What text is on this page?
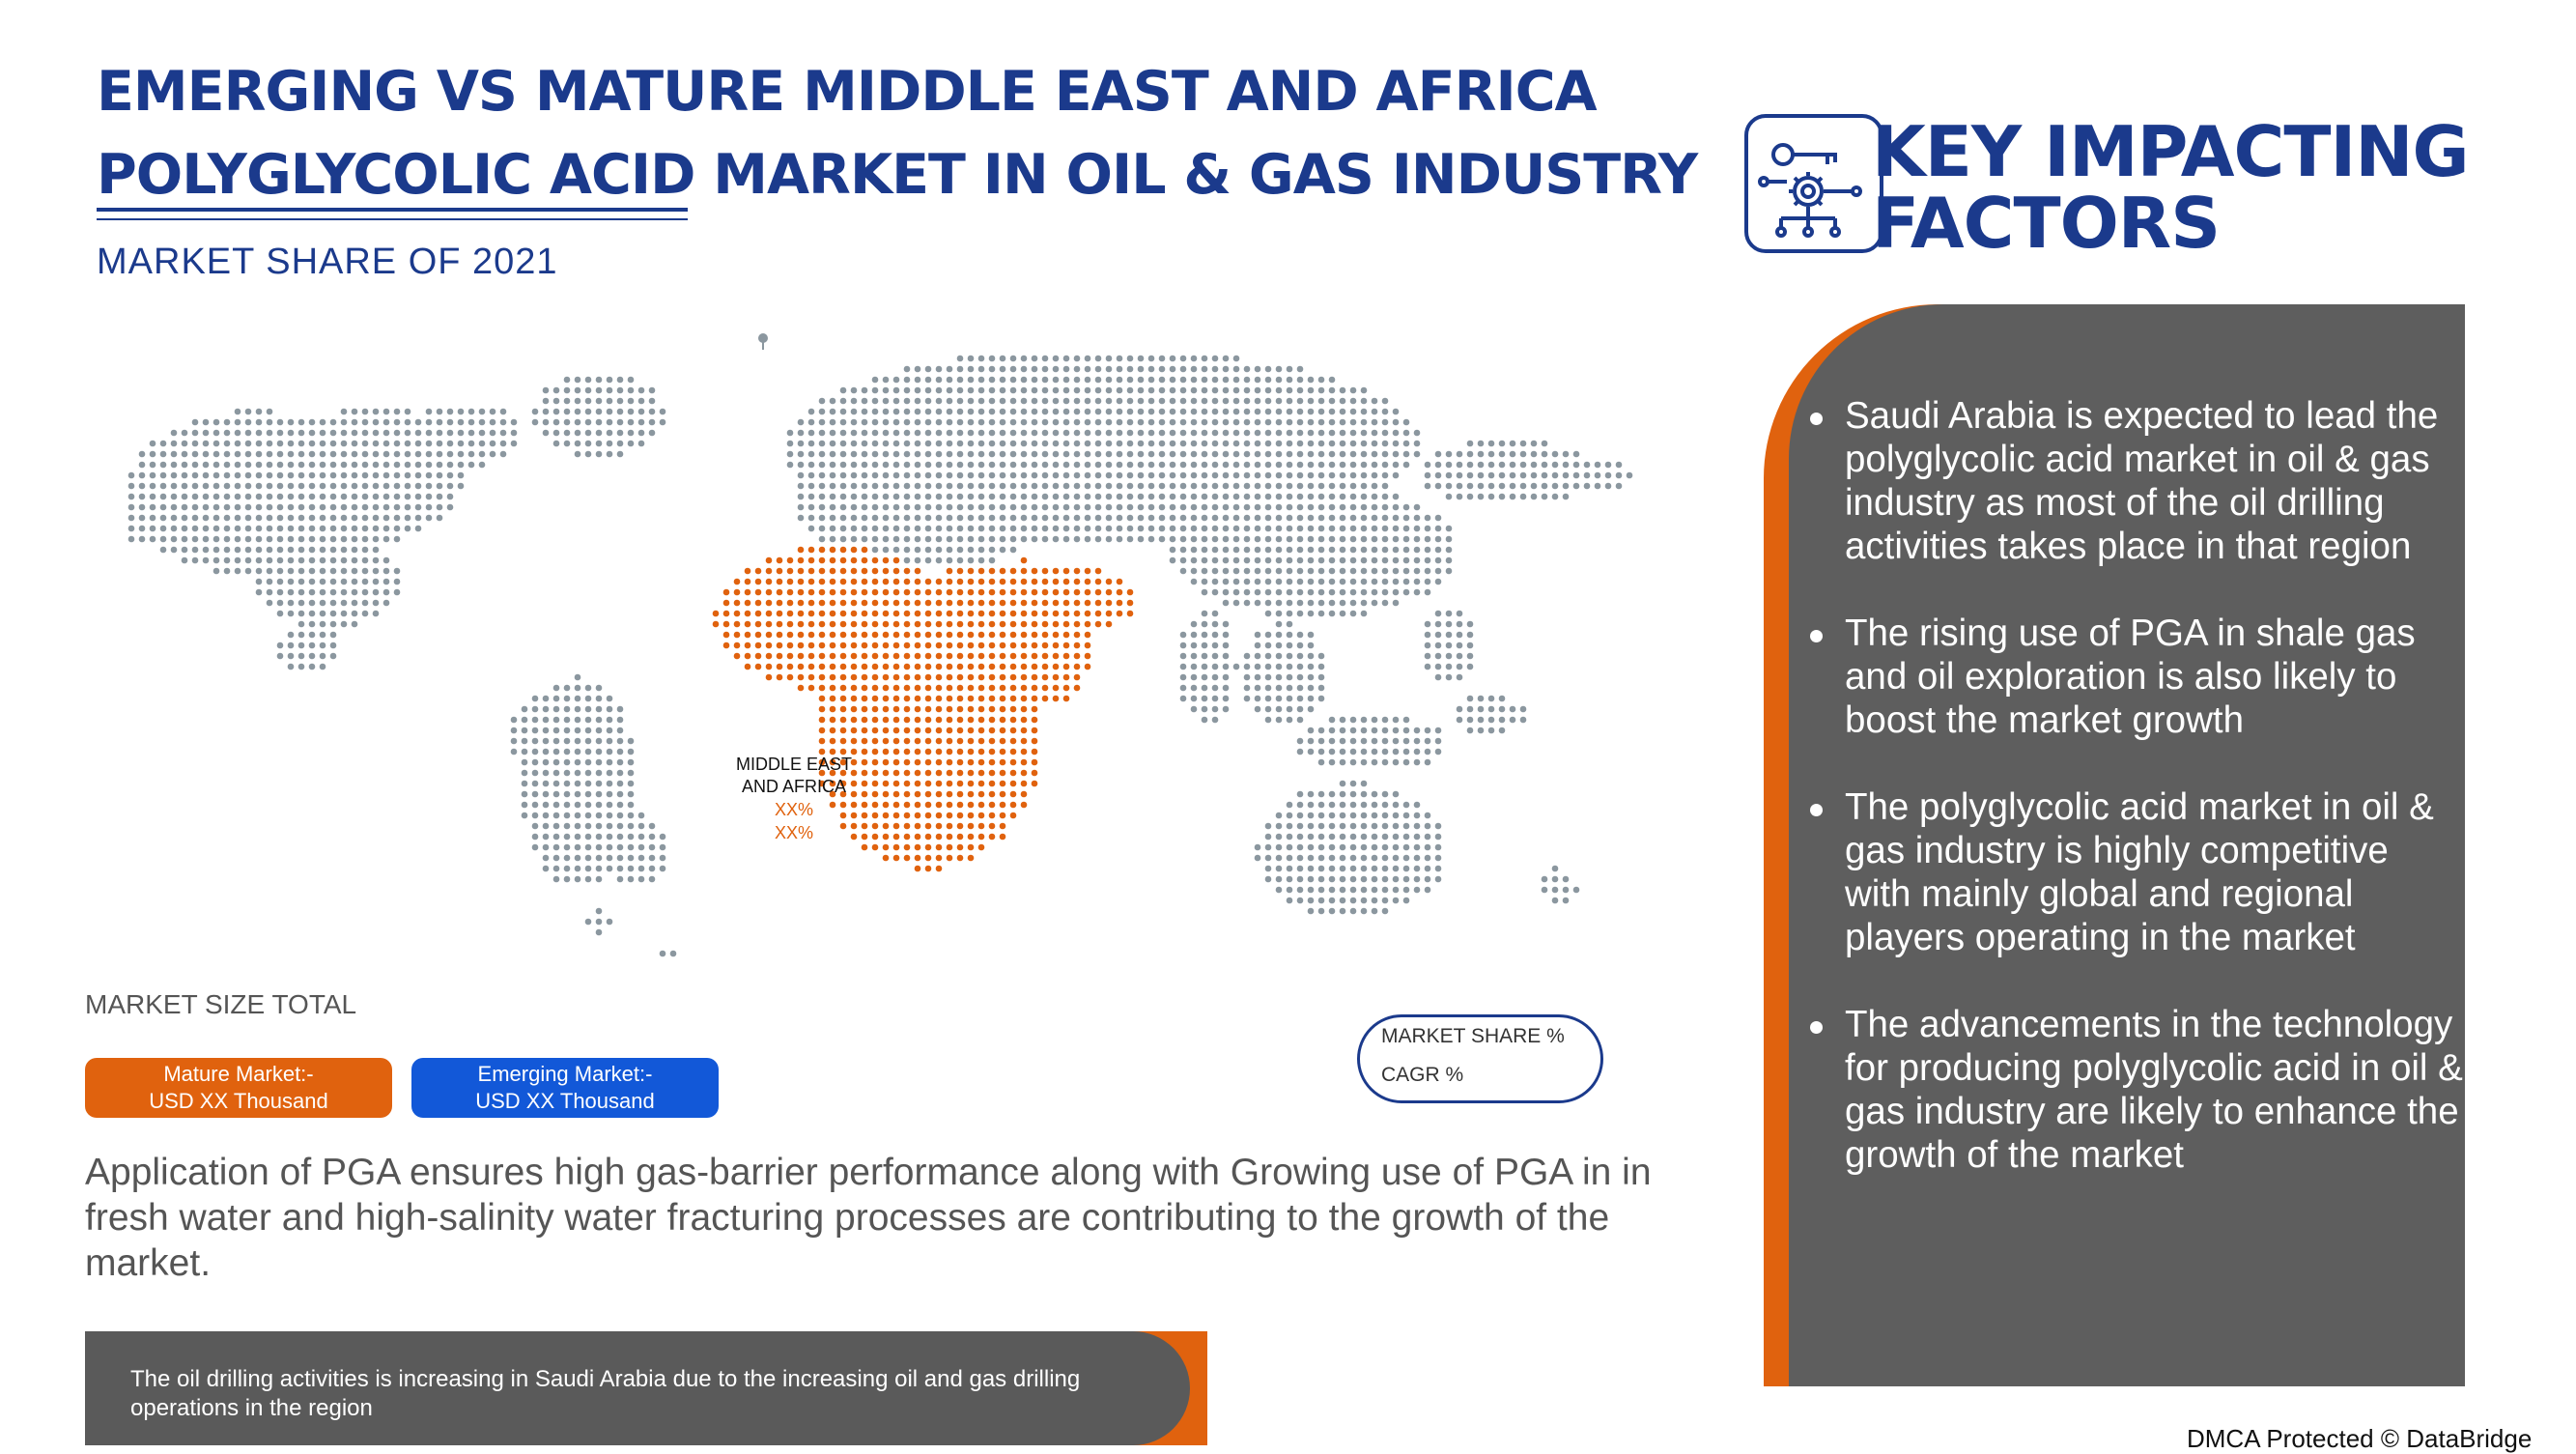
EMERGING VS MATURE MIDDLE EAST AND AFRICA
POLYGLYCOLIC ACID MARKET IN OIL & GAS INDUSTRY
MARKET SHARE OF 2021
KEY IMPACTING
FACTORS
MIDDLE EAST
AND AFRICA
XX%
XX%
MARKET SIZE TOTAL
Mature Market:-
USD XX Thousand
Emerging Market:-
USD XX Thousand
MARKET SHARE %
CAGR %
Application of PGA ensures high gas-barrier performance along with Growing use of PGA in in fresh water and high-salinity water fracturing processes are contributing to the growth of the market.
The oil drilling activities is increasing in Saudi Arabia due to the increasing oil and gas drilling operations in the region
Saudi Arabia is expected to lead the polyglycolic acid market in oil & gas industry as most of the oil drilling activities takes place in that region
The rising use of PGA in shale gas and oil exploration is also likely to boost the market growth
The polyglycolic acid market in oil & gas industry is highly competitive with mainly global and regional players operating in the market
The advancements in the technology for producing polyglycolic acid in oil & gas industry are likely to enhance the growth of the market
DMCA Protected © DataBridge
